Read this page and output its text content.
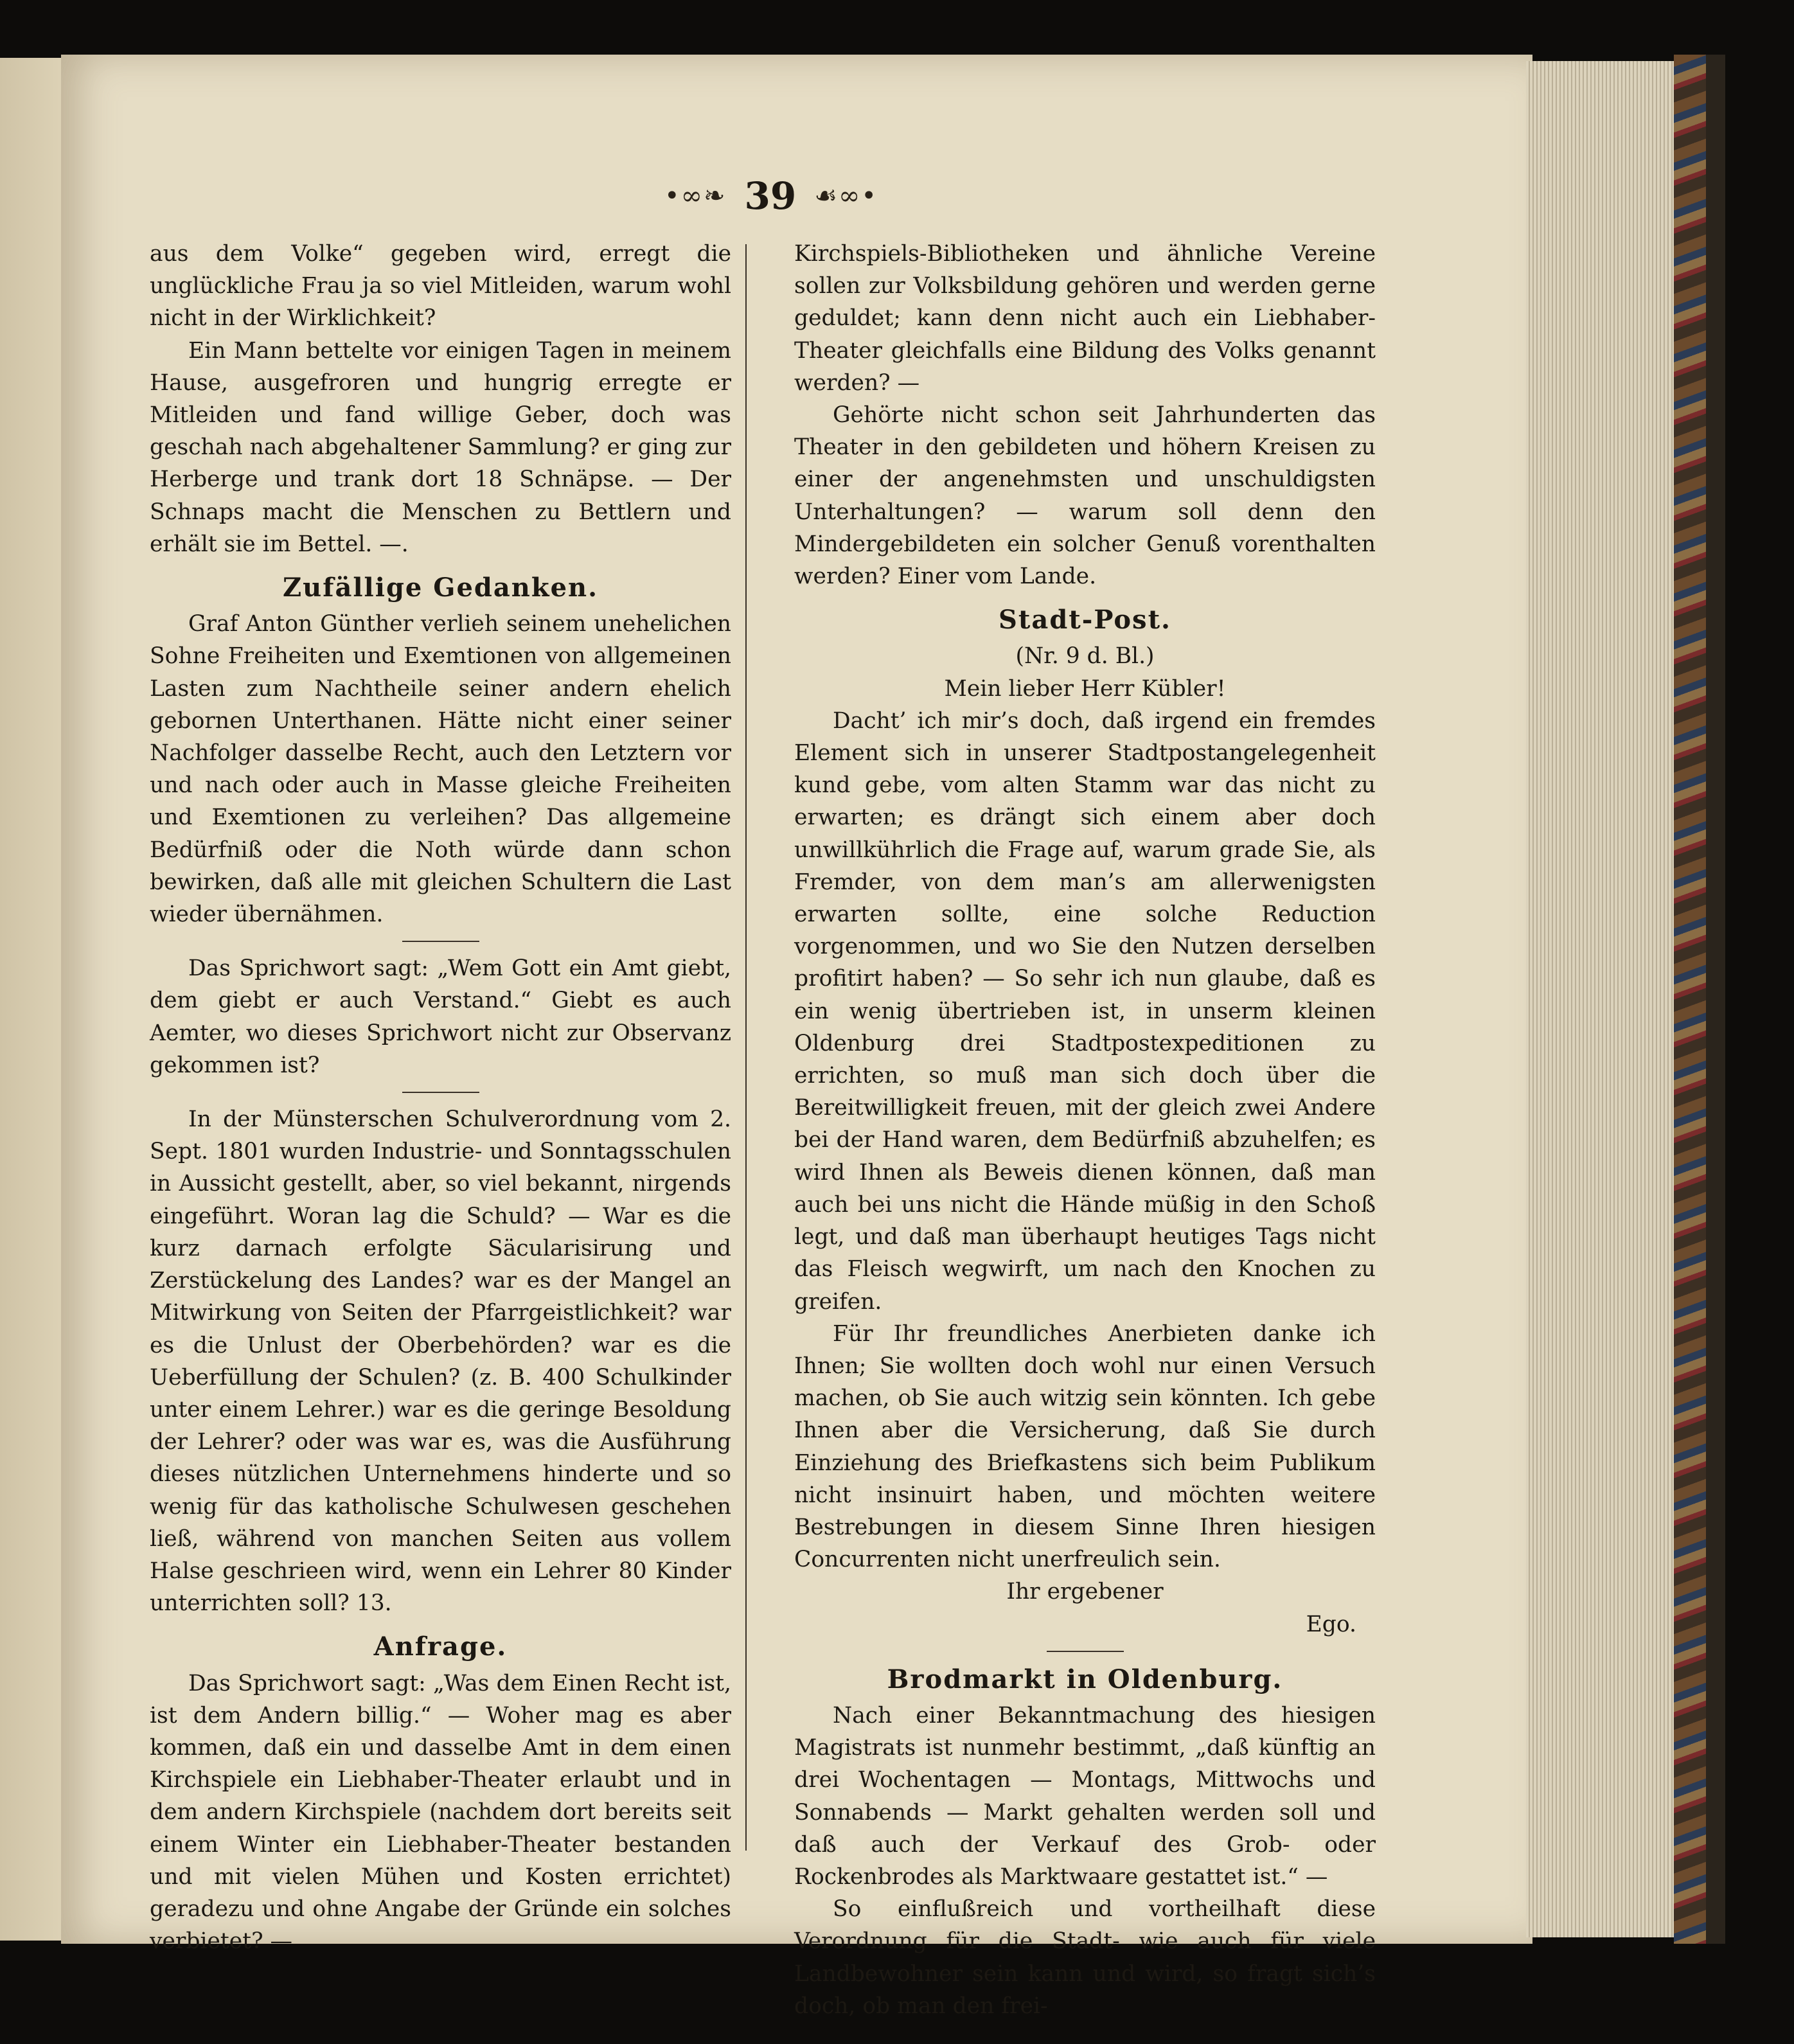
•∞❧ 39 ☙∞•

aus dem Volke“ gegeben wird, erregt die unglückliche Frau ja so viel Mitleiden, warum wohl nicht in der Wirklichkeit?

Ein Mann bettelte vor einigen Tagen in meinem Hause, ausgefroren und hungrig erregte er Mitleiden und fand willige Geber, doch was geschah nach abgehaltener Sammlung? er ging zur Herberge und trank dort 18 Schnäpse. — Der Schnaps macht die Menschen zu Bettlern und erhält sie im Bettel. —.

Zufällige Gedanken.

Graf Anton Günther verlieh seinem unehelichen Sohne Freiheiten und Exemtionen von allgemeinen Lasten zum Nachtheile seiner andern ehelich gebornen Unterthanen. Hätte nicht einer seiner Nachfolger dasselbe Recht, auch den Letztern vor und nach oder auch in Masse gleiche Freiheiten und Exemtionen zu verleihen? Das allgemeine Bedürfniß oder die Noth würde dann schon bewirken, daß alle mit gleichen Schultern die Last wieder übernähmen.

Das Sprichwort sagt: „Wem Gott ein Amt giebt, dem giebt er auch Verstand.“ Giebt es auch Aemter, wo dieses Sprichwort nicht zur Observanz gekommen ist?

In der Münsterschen Schulverordnung vom 2. Sept. 1801 wurden Industrie- und Sonntagsschulen in Aussicht gestellt, aber, so viel bekannt, nirgends eingeführt. Woran lag die Schuld? — War es die kurz darnach erfolgte Säcularisirung und Zerstückelung des Landes? war es der Mangel an Mitwirkung von Seiten der Pfarrgeistlichkeit? war es die Unlust der Oberbehörden? war es die Ueberfüllung der Schulen? (z. B. 400 Schulkinder unter einem Lehrer.) war es die geringe Besoldung der Lehrer? oder was war es, was die Ausführung dieses nützlichen Unternehmens hinderte und so wenig für das katholische Schulwesen geschehen ließ, während von manchen Seiten aus vollem Halse geschrieen wird, wenn ein Lehrer 80 Kinder unterrichten soll? 13.

Anfrage.

Das Sprichwort sagt: „Was dem Einen Recht ist, ist dem Andern billig.“ — Woher mag es aber kommen, daß ein und dasselbe Amt in dem einen Kirchspiele ein Liebhaber-Theater erlaubt und in dem andern Kirchspiele (nachdem dort bereits seit einem Winter ein Liebhaber-Theater bestanden und mit vielen Mühen und Kosten errichtet) geradezu und ohne Angabe der Gründe ein solches verbietet? —

Kirchspiels-Bibliotheken und ähnliche Vereine sollen zur Volksbildung gehören und werden gerne geduldet; kann denn nicht auch ein Liebhaber-Theater gleichfalls eine Bildung des Volks genannt werden? —

Gehörte nicht schon seit Jahrhunderten das Theater in den gebildeten und höhern Kreisen zu einer der angenehmsten und unschuldigsten Unterhaltungen? — warum soll denn den Mindergebildeten ein solcher Genuß vorenthalten werden? Einer vom Lande.

Stadt-Post.

(Nr. 9 d. Bl.)

Mein lieber Herr Kübler!

Dacht’ ich mir’s doch, daß irgend ein fremdes Element sich in unserer Stadtpostangelegenheit kund gebe, vom alten Stamm war das nicht zu erwarten; es drängt sich einem aber doch unwillkührlich die Frage auf, warum grade Sie, als Fremder, von dem man’s am allerwenigsten erwarten sollte, eine solche Reduction vorgenommen, und wo Sie den Nutzen derselben profitirt haben? — So sehr ich nun glaube, daß es ein wenig übertrieben ist, in unserm kleinen Oldenburg drei Stadtpostexpeditionen zu errichten, so muß man sich doch über die Bereitwilligkeit freuen, mit der gleich zwei Andere bei der Hand waren, dem Bedürfniß abzuhelfen; es wird Ihnen als Beweis dienen können, daß man auch bei uns nicht die Hände müßig in den Schoß legt, und daß man überhaupt heutiges Tags nicht das Fleisch wegwirft, um nach den Knochen zu greifen.

Für Ihr freundliches Anerbieten danke ich Ihnen; Sie wollten doch wohl nur einen Versuch machen, ob Sie auch witzig sein könnten. Ich gebe Ihnen aber die Versicherung, daß Sie durch Einziehung des Briefkastens sich beim Publikum nicht insinuirt haben, und möchten weitere Bestrebungen in diesem Sinne Ihren hiesigen Concurrenten nicht unerfreulich sein.

Ihr ergebener

Ego.

Brodmarkt in Oldenburg.

Nach einer Bekanntmachung des hiesigen Magistrats ist nunmehr bestimmt, „daß künftig an drei Wochentagen — Montags, Mittwochs und Sonnabends — Markt gehalten werden soll und daß auch der Verkauf des Grob- oder Rockenbrodes als Marktwaare gestattet ist.“ —

So einflußreich und vortheilhaft diese Verordnung für die Stadt- wie auch für viele Landbewohner sein kann und wird, so fragt sich’s doch, ob man den frei-
